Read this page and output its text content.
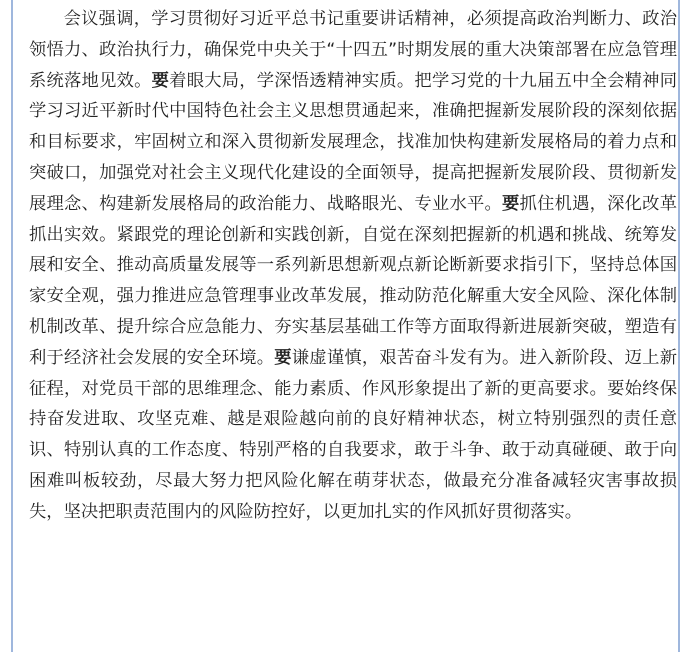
会议强调，学习贯彻好习近平总书记重要讲话精神，必须提高政治判断力、政治领悟力、政治执行力，确保党中央关于“十四五”时期发展的重大决策部署在应急管理系统落地见效。要着眼大局，学深悟透精神实质。把学习党的十九届五中全会精神同学习习近平新时代中国特色社会主义思想贯通起来，准确把握新发展阶段的深刻依据和目标要求，牢固树立和深入贯彻新发展理念，找准加快构建新发展格局的着力点和突破口，加强党对社会主义现代化建设的全面领导，提高把握新发展阶段、贯彻新发展理念、构建新发展格局的政治能力、战略眼光、专业水平。要抓住机遇，深化改革抓出实效。紧跟党的理论创新和实践创新，自觉在深刻把握新的机遇和挑战、统筹发展和安全、推动高质量发展等一系列新思想新观点新论断新要求指引下，坚持总体国家安全观，强力推进应急管理事业改革发展，推动防范化解重大安全风险、深化体制机制改革、提升综合应急能力、夯实基层基础工作等方面取得新进展新突破，塑造有利于经济社会发展的安全环境。要谦虚谨慎，艰苦奋斗发有为。进入新阶段、迈上新征程，对党员干部的思维理念、能力素质、作风形象提出了新的更高要求。要始终保持奋发进取、攻坚克难、越是艰险越向前的良好精神状态，树立特别强烈的责任意识、特别认真的工作态度、特别严格的自我要求，敢于斗争、敢于动真碰硬、敢于向困难叫板较劲，尽最大努力把风险化解在萌芽状态，做最充分准备减轻灾害事故损失，坚决把职责范围内的风险防控好，以更加扎实的作风抓好贯彻落实。
